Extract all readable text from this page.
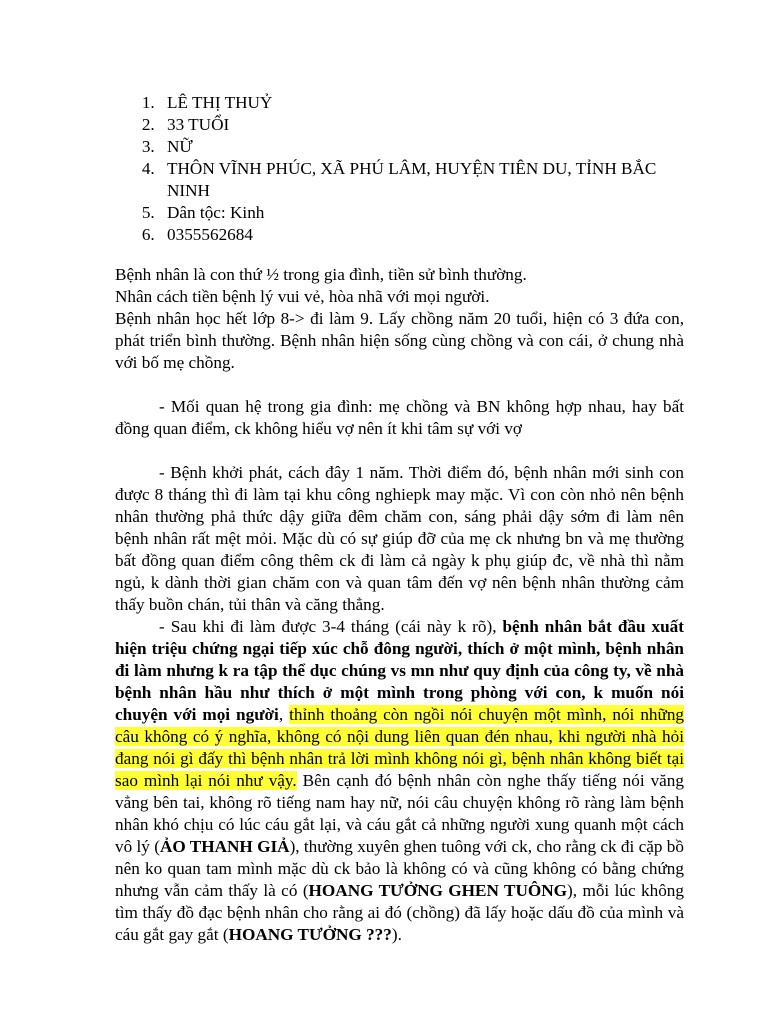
1. LÊ THỊ THUỶ
2. 33 TUỔI
3. NỮ
4. THÔN VĨNH PHÚC, XÃ PHÚ LÂM, HUYỆN TIÊN DU, TỈNH BẮC NINH
5. Dân tộc: Kinh
6. 0355562684

Bệnh nhân là con thứ ½ trong gia đình, tiền sử bình thường.

Nhân cách tiền bệnh lý vui vẻ, hòa nhã với mọi người.

Bệnh nhân học hết lớp 8-> đi làm 9. Lấy chồng năm 20 tuổi, hiện có 3 đứa con, phát triển bình thường. Bệnh nhân hiện sống cùng chồng và con cái, ở chung nhà với bố mẹ chồng.

- Mối quan hệ trong gia đình: mẹ chồng và BN không hợp nhau, hay bất đồng quan điểm, ck không hiểu vợ nên ít khi tâm sự với vợ

- Bệnh khởi phát, cách đây 1 năm. Thời điểm đó, bệnh nhân mới sinh con được 8 tháng thì đi làm tại khu công nghiepk may mặc. Vì con còn nhỏ nên bệnh nhân thường phả thức dậy giữa đêm chăm con, sáng phải dậy sớm đi làm nên bệnh nhân rất mệt mỏi. Mặc dù có sự giúp đỡ của mẹ ck nhưng bn và mẹ thường bất đồng quan điểm công thêm ck đi làm cả ngày k phụ giúp đc, về nhà thì nằm ngủ, k dành thời gian chăm con và quan tâm đến vợ nên bệnh nhân thường cảm thấy buồn chán, tủi thân và căng thẳng.

- Sau khi đi làm được 3-4 tháng (cái này k rõ), bệnh nhân bắt đầu xuất hiện triệu chứng ngại tiếp xúc chỗ đông người, thích ở một mình, bệnh nhân đi làm nhưng k ra tập thể dục chúng vs mn như quy định của công ty, về nhà bệnh nhân hầu như thích ở một mình trong phòng với con, k muốn nói chuyện với mọi người, thỉnh thoảng còn ngồi nói chuyện một mình, nói những câu không có ý nghĩa, không có nội dung liên quan đén nhau, khi người nhà hỏi đang nói gì đấy thì bệnh nhân trả lời mình không nói gì, bệnh nhân không biết tại sao mình lại nói như vậy. Bên cạnh đó bệnh nhân còn nghe thấy tiếng nói văng vẳng bên tai, không rõ tiếng nam hay nữ, nói câu chuyện không rõ ràng làm bệnh nhân khó chịu có lúc cáu gắt lại, và cáu gắt cả những người xung quanh một cách vô lý (ẢO THANH GIẢ), thường xuyên ghen tuông với ck, cho rằng ck đi cặp bồ nên ko quan tam mình mặc dù ck bảo là không có và cũng không có bằng chứng nhưng vẫn cảm thấy là có (HOANG TƯỞNG GHEN TUÔNG), mỗi lúc không tìm thấy đồ đạc bệnh nhân cho rằng ai đó (chồng) đã lấy hoặc dấu đồ của mình và cáu gắt gay gắt (HOANG TƯỞNG ???).
